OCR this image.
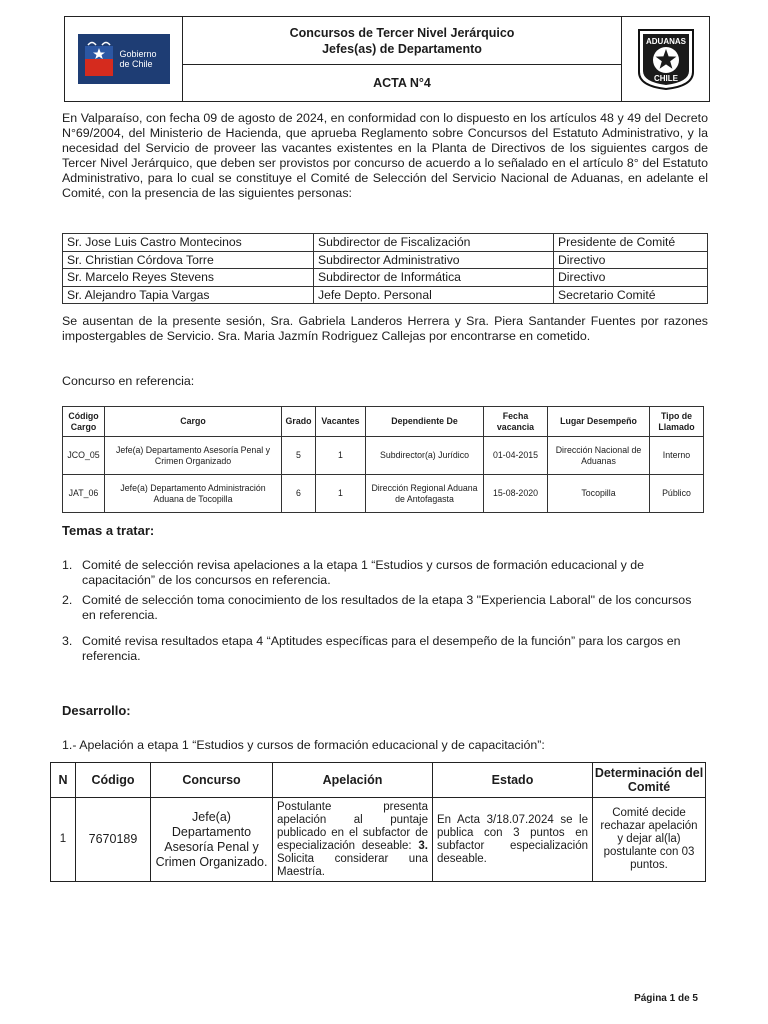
Gobierno
de Chile
Concursos de Tercer Nivel Jerárquico
Jefes(as) de Departamento
ACTA N°4
ADUANAS
CHILE

En Valparaíso, con fecha 09 de agosto de 2024, en conformidad con lo dispuesto en los artículos 48 y 49 del Decreto N°69/2004, del Ministerio de Hacienda, que aprueba Reglamento sobre Concursos del Estatuto Administrativo, y la necesidad del Servicio de proveer las vacantes existentes en la Planta de Directivos de los siguientes cargos de Tercer Nivel Jerárquico, que deben ser provistos por concurso de acuerdo a lo señalado en el artículo 8° del Estatuto Administrativo, para lo cual se constituye el Comité de Selección del Servicio Nacional de Aduanas, en adelante el Comité, con la presencia de las siguientes personas:

Sr. Jose Luis Castro Montecinos	Subdirector de Fiscalización	Presidente de Comité
Sr. Christian Córdova Torre	Subdirector Administrativo	Directivo
Sr. Marcelo Reyes Stevens	Subdirector de Informática	Directivo
Sr. Alejandro Tapia Vargas	Jefe Depto. Personal	Secretario Comité

Se ausentan de la presente sesión, Sra. Gabriela Landeros Herrera y Sra. Piera Santander Fuentes por razones impostergables de Servicio. Sra. Maria Jazmín Rodriguez Callejas por encontrarse en cometido.

Concurso en referencia:

Código Cargo	Cargo	Grado	Vacantes	Dependiente De	Fecha vacancia	Lugar Desempeño	Tipo de Llamado
JCO_05	Jefe(a) Departamento Asesoría Penal y Crimen Organizado	5	1	Subdirector(a) Jurídico	01-04-2015	Dirección Nacional de Aduanas	Interno
JAT_06	Jefe(a) Departamento Administración Aduana de Tocopilla	6	1	Dirección Regional Aduana de Antofagasta	15-08-2020	Tocopilla	Público
Temas a tratar:
1. Comité de selección revisa apelaciones a la etapa 1 “Estudios y cursos de formación educacional y de capacitación” de los concursos en referencia.
2. Comité de selección toma conocimiento de los resultados de la etapa 3 "Experiencia Laboral" de los concursos en referencia.
3. Comité revisa resultados etapa 4 “Aptitudes específicas para el desempeño de la función” para los cargos en referencia.
Desarrollo:

1.- Apelación a etapa 1 “Estudios y cursos de formación educacional y de capacitación”:

N	Código	Concurso	Apelación	Estado	Determinación del Comité
1	7670189	Jefe(a) Departamento Asesoría Penal y Crimen Organizado.	Postulante presenta apelación al puntaje publicado en el subfactor de especialización deseable: 3. Solicita considerar una Maestría.	En Acta 3/18.07.2024 se le publica con 3 puntos en subfactor especialización deseable.	Comité decide rechazar apelación y dejar al(la) postulante con 03 puntos.
Página 1 de 5
